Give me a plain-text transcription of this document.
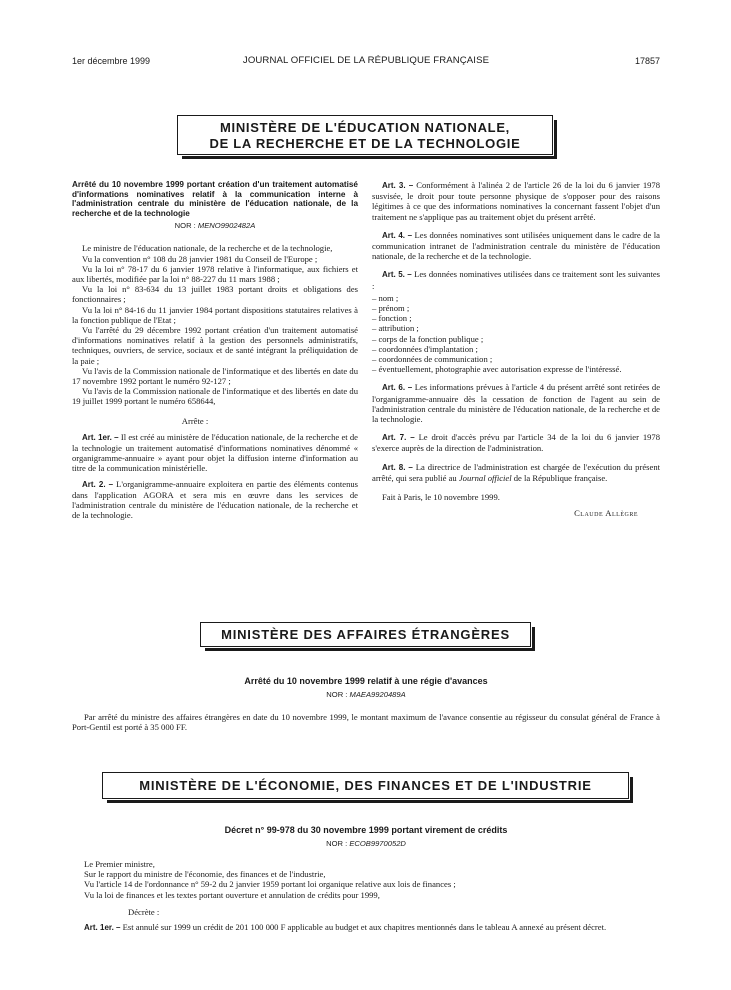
1er décembre 1999	JOURNAL OFFICIEL DE LA RÉPUBLIQUE FRANÇAISE	17857
MINISTÈRE DE L'ÉDUCATION NATIONALE,
DE LA RECHERCHE ET DE LA TECHNOLOGIE
Arrêté du 10 novembre 1999 portant création d'un traitement automatisé d'informations nominatives relatif à la communication interne à l'administration centrale du ministère de l'éducation nationale, de la recherche et de la technologie
NOR : MENO9902482A

Le ministre de l'éducation nationale, de la recherche et de la technologie,

Vu la convention n° 108 du 28 janvier 1981 du Conseil de l'Europe ;

Vu la loi n° 78-17 du 6 janvier 1978 relative à l'informatique, aux fichiers et aux libertés, modifiée par la loi n° 88-227 du 11 mars 1988 ;

Vu la loi n° 83-634 du 13 juillet 1983 portant droits et obligations des fonctionnaires ;

Vu la loi n° 84-16 du 11 janvier 1984 portant dispositions statutaires relatives à la fonction publique de l'Etat ;

Vu l'arrêté du 29 décembre 1992 portant création d'un traitement automatisé d'informations nominatives relatif à la gestion des personnels administratifs, techniques, ouvriers, de service, sociaux et de santé intégrant la préliquidation de la paie ;

Vu l'avis de la Commission nationale de l'informatique et des libertés en date du 17 novembre 1992 portant le numéro 92-127 ;

Vu l'avis de la Commission nationale de l'informatique et des libertés en date du 19 juillet 1999 portant le numéro 658644,

Arrête :

Art. 1er. – Il est créé au ministère de l'éducation nationale, de la recherche et de la technologie un traitement automatisé d'informations nominatives dénommé « organigramme-annuaire » ayant pour objet la diffusion interne d'information au titre de la communication ministérielle.

Art. 2. – L'organigramme-annuaire exploitera en partie des éléments contenus dans l'application AGORA et sera mis en œuvre dans les services de l'administration centrale du ministère de l'éducation nationale, de la recherche et de la technologie.

Art. 3. – Conformément à l'alinéa 2 de l'article 26 de la loi du 6 janvier 1978 susvisée, le droit pour toute personne physique de s'opposer pour des raisons légitimes à ce que des informations nominatives la concernant fassent l'objet d'un traitement ne s'applique pas au traitement objet du présent arrêté.

Art. 4. – Les données nominatives sont utilisées uniquement dans le cadre de la communication intranet de l'administration centrale du ministère de l'éducation nationale, de la recherche et de la technologie.

Art. 5. – Les données nominatives utilisées dans ce traitement sont les suivantes :

– nom ;
– prénom ;
– fonction ;
– attribution ;
– corps de la fonction publique ;
– coordonnées d'implantation ;
– coordonnées de communication ;
– éventuellement, photographie avec autorisation expresse de l'intéressé.

Art. 6. – Les informations prévues à l'article 4 du présent arrêté sont retirées de l'organigramme-annuaire dès la cessation de fonction de l'agent au sein de l'administration centrale du ministère de l'éducation nationale, de la recherche et de la technologie.

Art. 7. – Le droit d'accès prévu par l'article 34 de la loi du 6 janvier 1978 s'exerce auprès de la direction de l'administration.

Art. 8. – La directrice de l'administration est chargée de l'exécution du présent arrêté, qui sera publié au Journal officiel de la République française.

Fait à Paris, le 10 novembre 1999.

Claude Allègre

MINISTÈRE DES AFFAIRES ÉTRANGÈRES
Arrêté du 10 novembre 1999 relatif à une régie d'avances
NOR : MAEA9920489A

Par arrêté du ministre des affaires étrangères en date du 10 novembre 1999, le montant maximum de l'avance consentie au régisseur du consulat général de France à Port-Gentil est porté à 35 000 FF.

MINISTÈRE DE L'ÉCONOMIE, DES FINANCES ET DE L'INDUSTRIE
Décret n° 99-978 du 30 novembre 1999 portant virement de crédits
NOR : ECOB9970052D

Le Premier ministre,

Sur le rapport du ministre de l'économie, des finances et de l'industrie,

Vu l'article 14 de l'ordonnance n° 59-2 du 2 janvier 1959 portant loi organique relative aux lois de finances ;

Vu la loi de finances et les textes portant ouverture et annulation de crédits pour 1999,

Décrète :

Art. 1er. – Est annulé sur 1999 un crédit de 201 100 000 F applicable au budget et aux chapitres mentionnés dans le tableau A annexé au présent décret.
